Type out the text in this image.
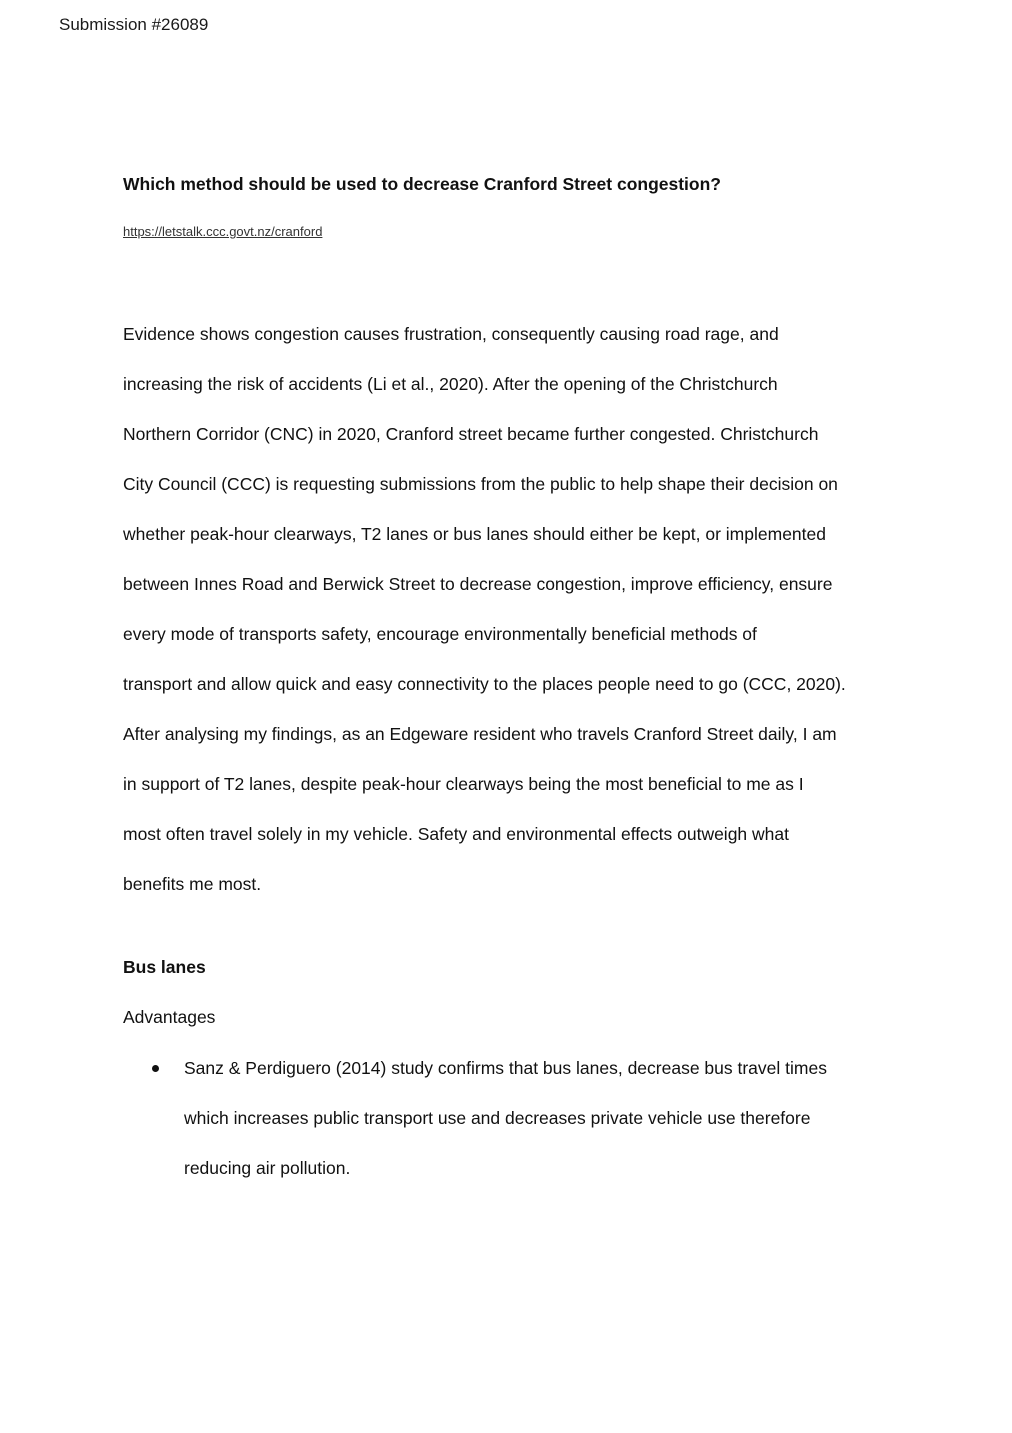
Submission #26089
Which method should be used to decrease Cranford Street congestion?
https://letstalk.ccc.govt.nz/cranford
Evidence shows congestion causes frustration, consequently causing road rage, and
increasing the risk of accidents (Li et al., 2020). After the opening of the Christchurch
Northern Corridor (CNC) in 2020, Cranford street became further congested. Christchurch
City Council (CCC) is requesting submissions from the public to help shape their decision on
whether peak-hour clearways, T2 lanes or bus lanes should either be kept, or implemented
between Innes Road and Berwick Street to decrease congestion, improve efficiency, ensure
every mode of transports safety, encourage environmentally beneficial methods of
transport and allow quick and easy connectivity to the places people need to go (CCC, 2020).
After analysing my findings, as an Edgeware resident who travels Cranford Street daily, I am
in support of T2 lanes, despite peak-hour clearways being the most beneficial to me as I
most often travel solely in my vehicle. Safety and environmental effects outweigh what
benefits me most.
Bus lanes
Advantages
Sanz & Perdiguero (2014) study confirms that bus lanes, decrease bus travel times
which increases public transport use and decreases private vehicle use therefore
reducing air pollution.
